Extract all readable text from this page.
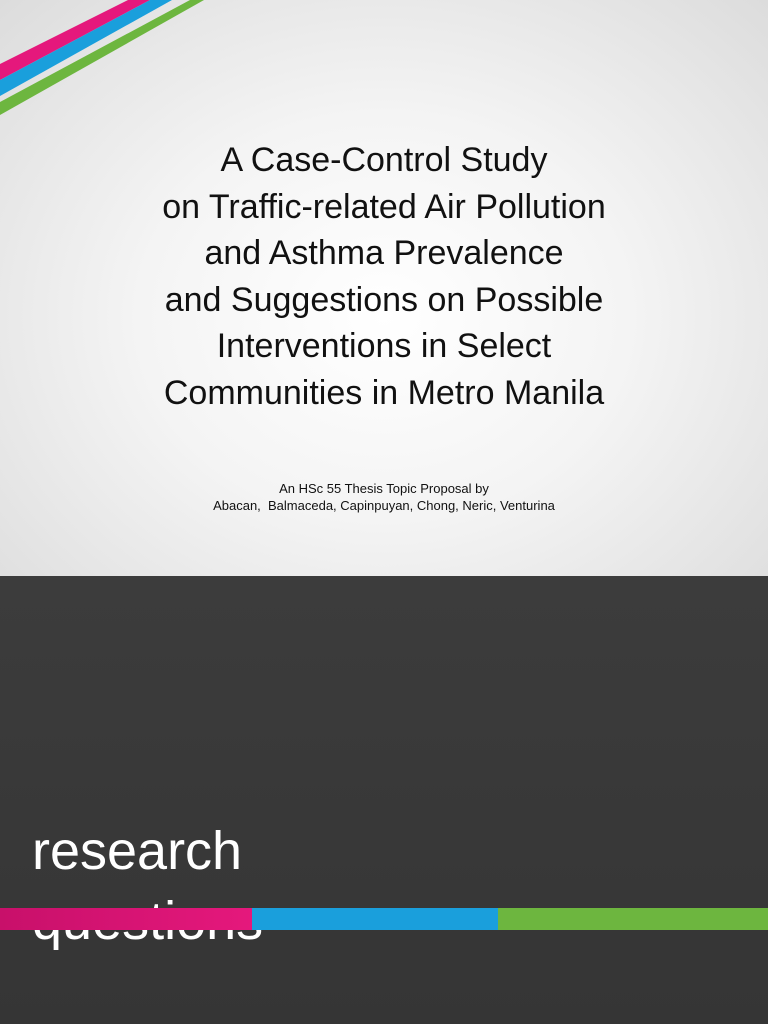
A Case-Control Study
on Traffic-related Air Pollution
and Asthma Prevalence
and Suggestions on Possible
Interventions in Select
Communities in Metro Manila
An HSc 55 Thesis Topic Proposal by
Abacan,  Balmaceda, Capinpuyan, Chong, Neric, Venturina
research
